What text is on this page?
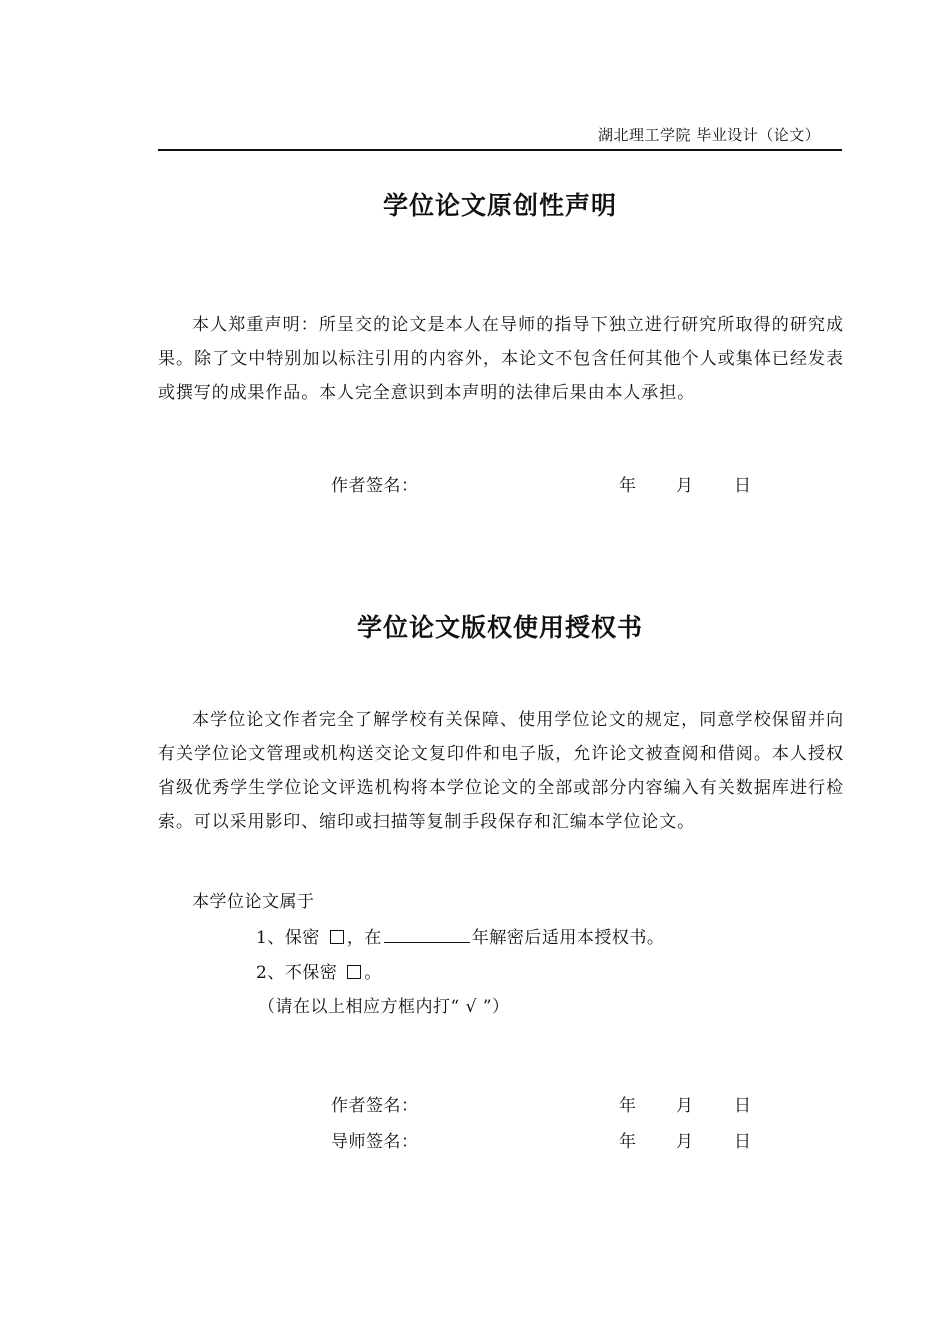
湖北理工学院 毕业设计（论文）
学位论文原创性声明
本人郑重声明：所呈交的论文是本人在导师的指导下独立进行研究所取得的研究成果。除了文中特别加以标注引用的内容外，本论文不包含任何其他个人或集体已经发表或撰写的成果作品。本人完全意识到本声明的法律后果由本人承担。
作者签名：	年 月 日
学位论文版权使用授权书
本学位论文作者完全了解学校有关保障、使用学位论文的规定，同意学校保留并向有关学位论文管理或机构送交论文复印件和电子版，允许论文被查阅和借阅。本人授权省级优秀学生学位论文评选机构将本学位论文的全部或部分内容编入有关数据库进行检索。可以采用影印、缩印或扫描等复制手段保存和汇编本学位论文。
本学位论文属于
1、保密 ，在	年解密后适用本授权书。
2、不保密 。
（请在以上相应方框内打“ √ ”）
作者签名：	年 月 日
导师签名：	年 月 日
